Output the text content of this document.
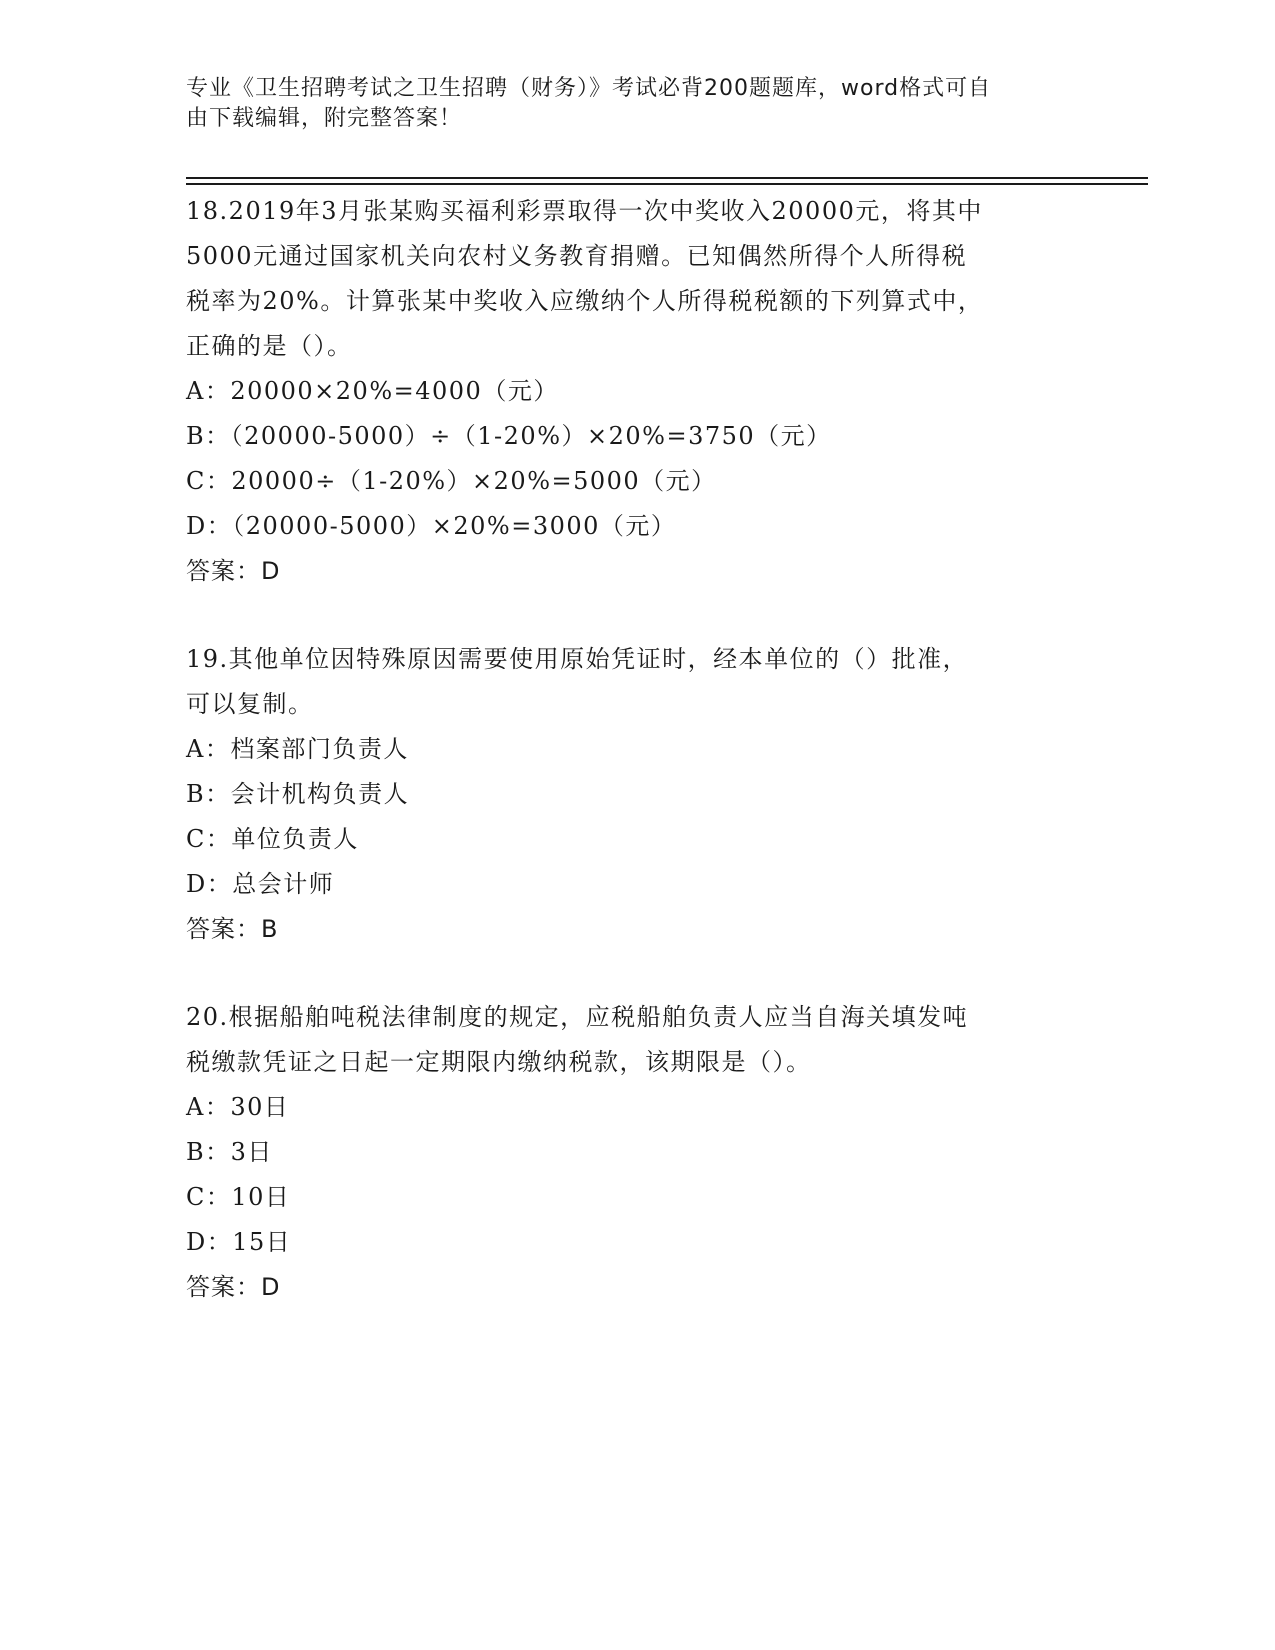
专业《卫生招聘考试之卫生招聘（财务）》考试必背200题题库，word格式可自
由下载编辑，附完整答案！

18.2019年3月张某购买福利彩票取得一次中奖收入20000元，将其中

5000元通过国家机关向农村义务教育捐赠。已知偶然所得个人所得税

税率为20%。计算张某中奖收入应缴纳个人所得税税额的下列算式中，

正确的是（）。

A：20000×20%=4000（元）

B：（20000-5000）÷（1-20%）×20%=3750（元）

C：20000÷（1-20%）×20%=5000（元）

D：（20000-5000）×20%=3000（元）

答案：D

19.其他单位因特殊原因需要使用原始凭证时，经本单位的（）批准，

可以复制。

A：档案部门负责人

B：会计机构负责人

C：单位负责人

D：总会计师

答案：B

20.根据船舶吨税法律制度的规定，应税船舶负责人应当自海关填发吨

税缴款凭证之日起一定期限内缴纳税款，该期限是（）。

A：30日

B：3日

C：10日

D：15日

答案：D
